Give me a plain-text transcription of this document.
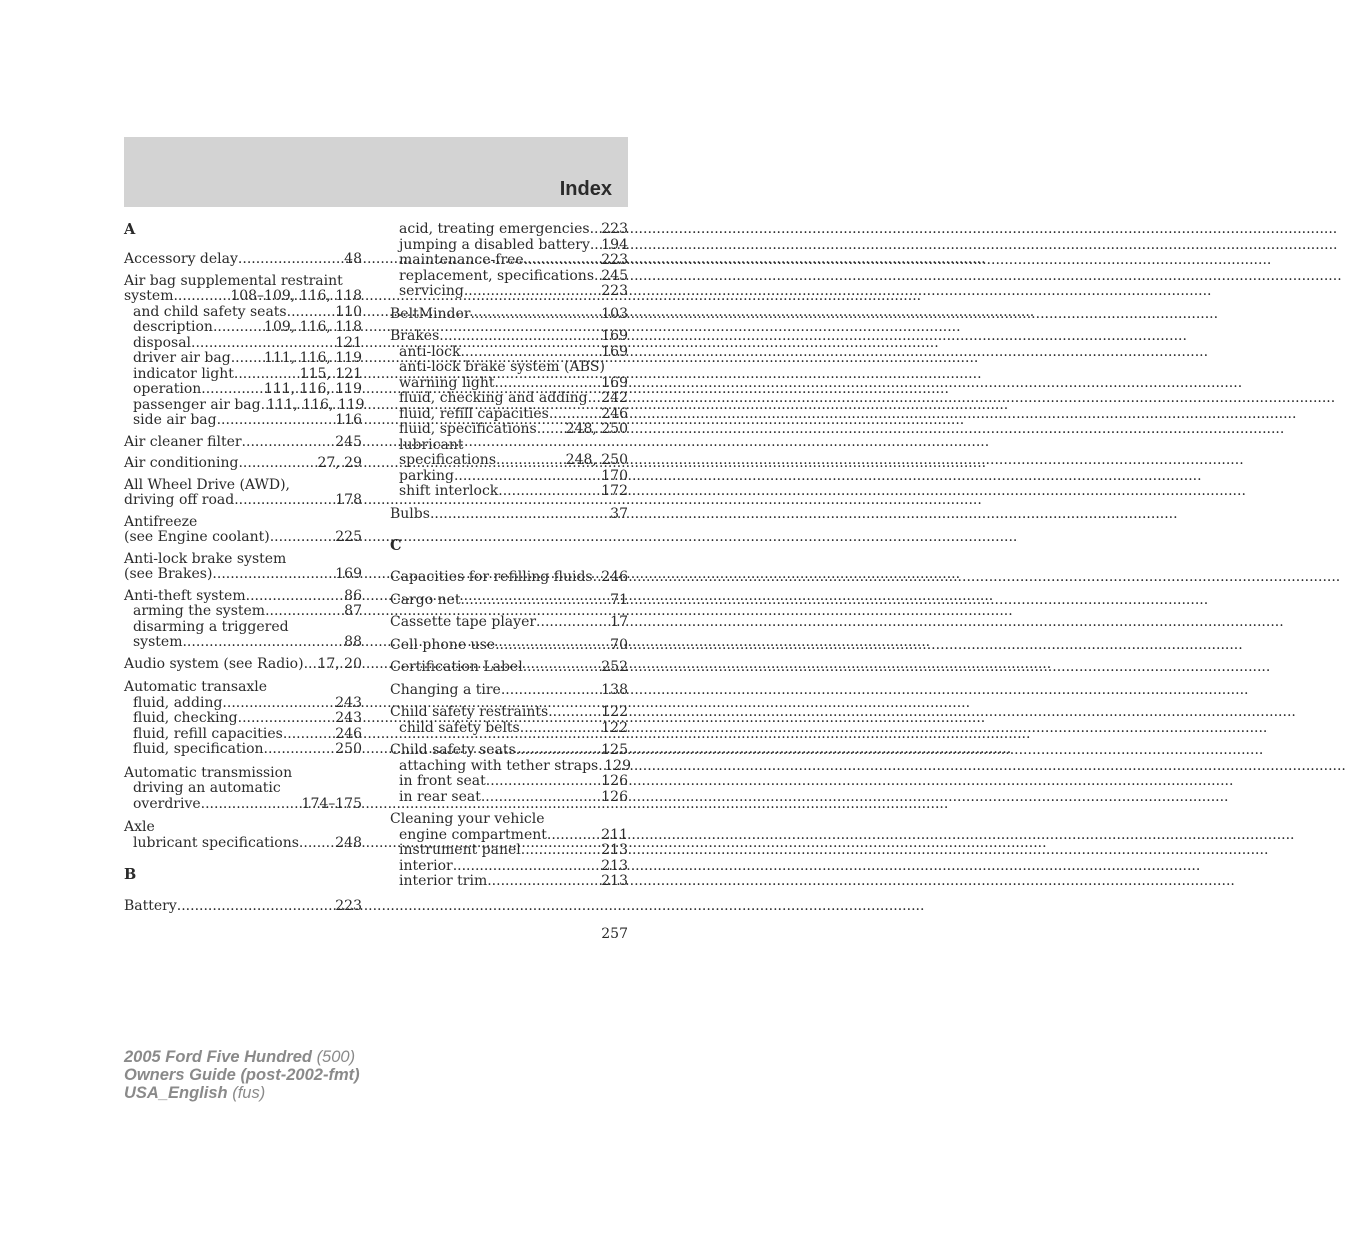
Index
A
Accessory delay .....	48
Air bag supplemental restraint
system .....	108–109, 116, 118
and child safety seats .....	110
description .....	109, 116, 118
disposal .....	121
driver air bag ..... 111, 116, 119
indicator light .....	115, 121
operation .....	111, 116, 119
passenger air bag ..... 111, 116, 119
side air bag .....	116
Air cleaner filter .....	245
Air conditioning .....	27, 29
All Wheel Drive (AWD),
driving off road .....	178
Antifreeze
(see Engine coolant) .....	225
Anti-lock brake system
(see Brakes) .....	169
Anti-theft system .....	86
arming the system .....	87
disarming a triggered
system .....	88
Audio system (see Radio) ..... 17, 20
Automatic transaxle
fluid, adding .....	243
fluid, checking .....	243
fluid, refill capacities .....	246
fluid, specification .....	250
Automatic transmission
driving an automatic
overdrive .....	174–175
Axle
lubricant specifications .....	248
B
Battery .....	223
acid, treating emergencies ..... 223
jumping a disabled battery ..... 194
maintenance-free .....	223
replacement, specifications ..... 245
servicing .....	223
BeltMinder .....	103
Brakes .....	169
anti-lock .....	169
anti-lock brake system (ABS)
warning light .....	169
fluid, checking and adding ..... 242
fluid, refill capacities .....	246
fluid, specifications ..... 248, 250
lubricant
specifications .....	248, 250
parking .....	170
shift interlock .....	172
Bulbs .....	37
C
Capacities for refilling fluids ..... 246
Cargo net .....	71
Cassette tape player .....	17
Cell phone use .....	70
Certification Label .....	252
Changing a tire .....	138
Child safety restraints .....	122
child safety belts .....	122
Child safety seats .....	125
attaching with tether straps ..... 129
in front seat .....	126
in rear seat .....	126
Cleaning your vehicle
engine compartment .....	211
instrument panel .....	213
interior .....	213
interior trim .....	213
257
2005 Ford Five Hundred (500)
Owners Guide (post-2002-fmt)
USA_English (fus)
